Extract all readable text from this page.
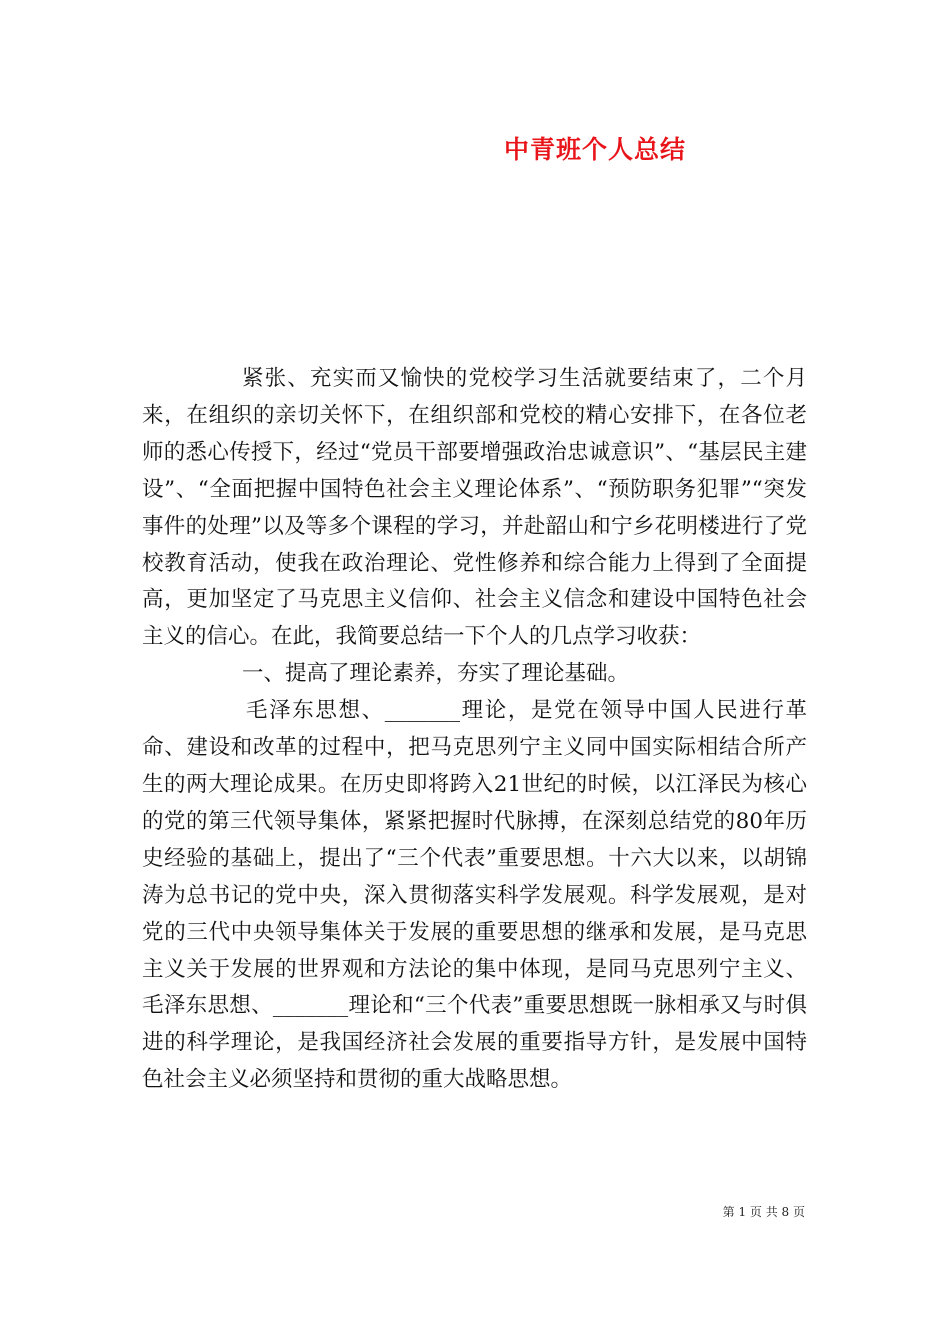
中青班个人总结

紧张、充实而又愉快的党校学习生活就要结束了，二个月来，在组织的亲切关怀下，在组织部和党校的精心安排下，在各位老师的悉心传授下，经过“党员干部要增强政治忠诚意识”、“基层民主建设”、“全面把握中国特色社会主义理论体系”、“预防职务犯罪”“突发事件的处理”以及等多个课程的学习，并赴韶山和宁乡花明楼进行了党校教育活动，使我在政治理论、党性修养和综合能力上得到了全面提高，更加坚定了马克思主义信仰、社会主义信念和建设中国特色社会主义的信心。在此，我简要总结一下个人的几点学习收获：

一、提高了理论素养，夯实了理论基础。

毛泽东思想、_______理论，是党在领导中国人民进行革命、建设和改革的过程中，把马克思列宁主义同中国实际相结合所产生的两大理论成果。在历史即将跨入21世纪的时候，以江泽民为核心的党的第三代领导集体，紧紧把握时代脉搏，在深刻总结党的80年历史经验的基础上，提出了“三个代表”重要思想。十六大以来，以胡锦涛为总书记的党中央，深入贯彻落实科学发展观。科学发展观，是对党的三代中央领导集体关于发展的重要思想的继承和发展，是马克思主义关于发展的世界观和方法论的集中体现，是同马克思列宁主义、毛泽东思想、_______理论和“三个代表”重要思想既一脉相承又与时俱进的科学理论，是我国经济社会发展的重要指导方针，是发展中国特色社会主义必须坚持和贯彻的重大战略思想。

第 1 页 共 8 页
